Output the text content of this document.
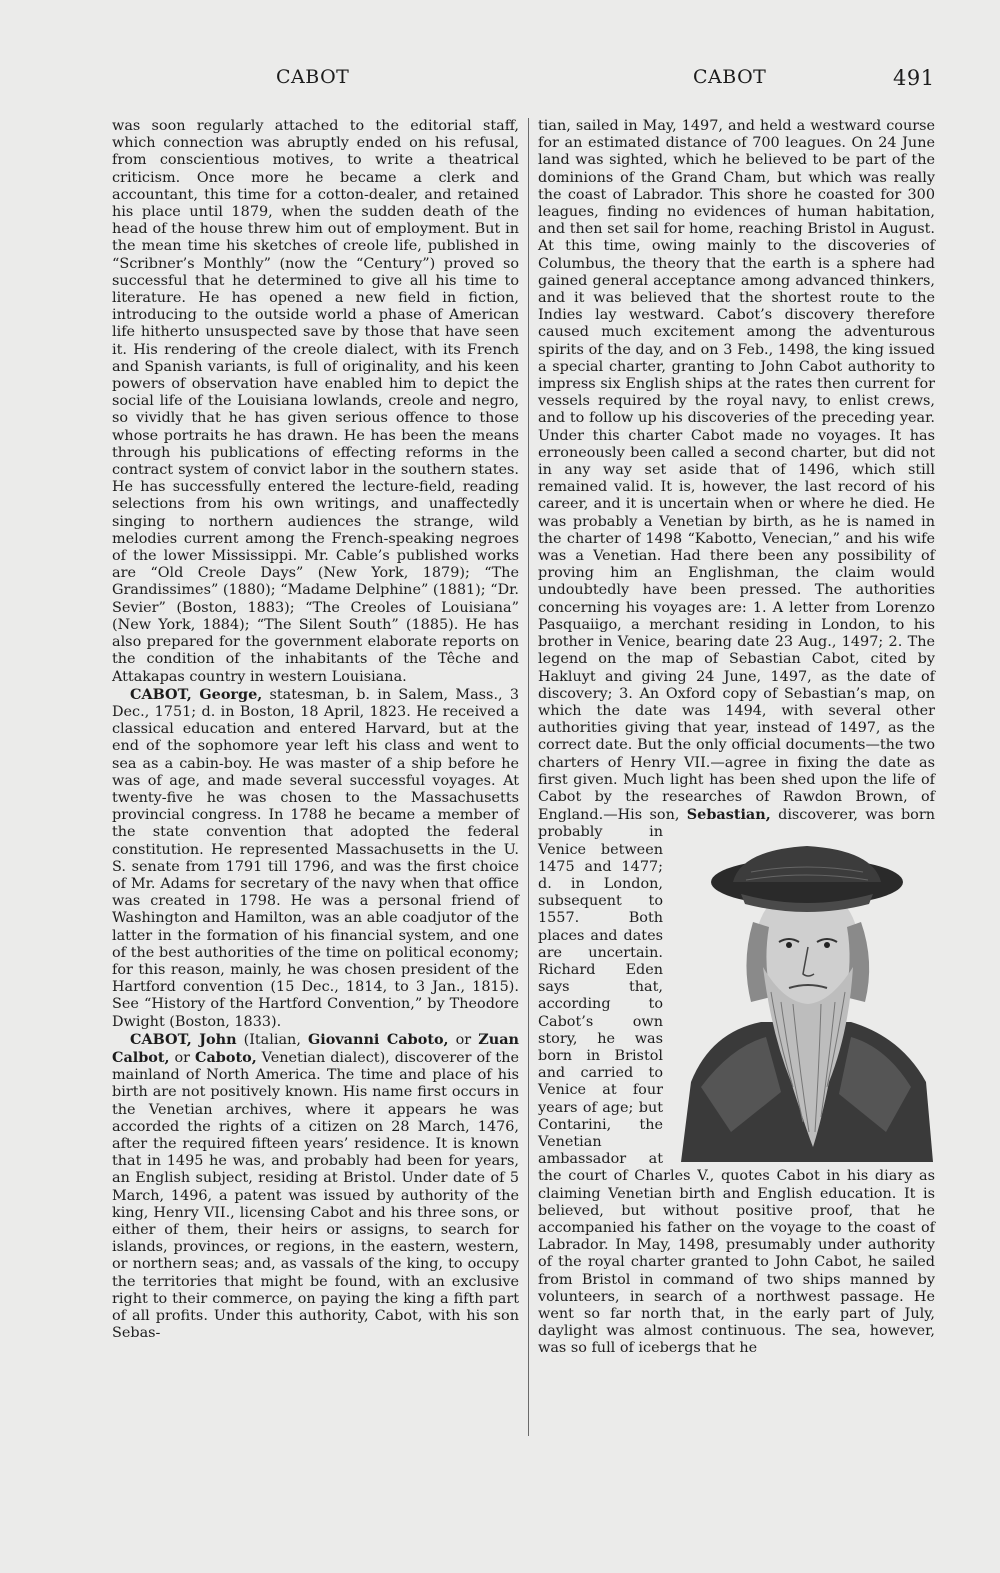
CABOT	CABOT	491

was soon regularly attached to the editorial staff, which connection was abruptly ended on his refusal, from conscientious motives, to write a theatrical criticism. Once more he became a clerk and accountant, this time for a cotton-dealer, and retained his place until 1879, when the sudden death of the head of the house threw him out of employment. But in the mean time his sketches of creole life, published in “Scribner’s Monthly” (now the “Century”) proved so successful that he determined to give all his time to literature. He has opened a new field in fiction, introducing to the outside world a phase of American life hitherto unsuspected save by those that have seen it. His rendering of the creole dialect, with its French and Spanish variants, is full of originality, and his keen powers of observation have enabled him to depict the social life of the Louisiana lowlands, creole and negro, so vividly that he has given serious offence to those whose portraits he has drawn. He has been the means through his publications of effecting reforms in the contract system of convict labor in the southern states. He has successfully entered the lecture-field, reading selections from his own writings, and unaffectedly singing to northern audiences the strange, wild melodies current among the French-speaking negroes of the lower Mississippi. Mr. Cable’s published works are “Old Creole Days” (New York, 1879); “The Grandissimes” (1880); “Madame Delphine” (1881); “Dr. Sevier” (Boston, 1883); “The Creoles of Louisiana” (New York, 1884); “The Silent South” (1885). He has also prepared for the government elaborate reports on the condition of the inhabitants of the Têche and Attakapas country in western Louisiana.

CABOT, George, statesman, b. in Salem, Mass., 3 Dec., 1751; d. in Boston, 18 April, 1823. He received a classical education and entered Harvard, but at the end of the sophomore year left his class and went to sea as a cabin-boy. He was master of a ship before he was of age, and made several successful voyages. At twenty-five he was chosen to the Massachusetts provincial congress. In 1788 he became a member of the state convention that adopted the federal constitution. He represented Massachusetts in the U. S. senate from 1791 till 1796, and was the first choice of Mr. Adams for secretary of the navy when that office was created in 1798. He was a personal friend of Washington and Hamilton, was an able coadjutor of the latter in the formation of his financial system, and one of the best authorities of the time on political economy; for this reason, mainly, he was chosen president of the Hartford convention (15 Dec., 1814, to 3 Jan., 1815). See “History of the Hartford Convention,” by Theodore Dwight (Boston, 1833).

CABOT, John (Italian, Giovanni Caboto, or Zuan Calbot, or Caboto, Venetian dialect), discoverer of the mainland of North America. The time and place of his birth are not positively known. His name first occurs in the Venetian archives, where it appears he was accorded the rights of a citizen on 28 March, 1476, after the required fifteen years’ residence. It is known that in 1495 he was, and probably had been for years, an English subject, residing at Bristol. Under date of 5 March, 1496, a patent was issued by authority of the king, Henry VII., licensing Cabot and his three sons, or either of them, their heirs or assigns, to search for islands, provinces, or regions, in the eastern, western, or northern seas; and, as vassals of the king, to occupy the territories that might be found, with an exclusive right to their commerce, on paying the king a fifth part of all profits. Under this authority, Cabot, with his son Sebas-

tian, sailed in May, 1497, and held a westward course for an estimated distance of 700 leagues. On 24 June land was sighted, which he believed to be part of the dominions of the Grand Cham, but which was really the coast of Labrador. This shore he coasted for 300 leagues, finding no evidences of human habitation, and then set sail for home, reaching Bristol in August. At this time, owing mainly to the discoveries of Columbus, the theory that the earth is a sphere had gained general acceptance among advanced thinkers, and it was believed that the shortest route to the Indies lay westward. Cabot’s discovery therefore caused much excitement among the adventurous spirits of the day, and on 3 Feb., 1498, the king issued a special charter, granting to John Cabot authority to impress six English ships at the rates then current for vessels required by the royal navy, to enlist crews, and to follow up his discoveries of the preceding year. Under this charter Cabot made no voyages. It has erroneously been called a second charter, but did not in any way set aside that of 1496, which still remained valid. It is, however, the last record of his career, and it is uncertain when or where he died. He was probably a Venetian by birth, as he is named in the charter of 1498 “Kabotto, Venecian,” and his wife was a Venetian. Had there been any possibility of proving him an Englishman, the claim would undoubtedly have been pressed. The authorities concerning his voyages are: 1. A letter from Lorenzo Pasquaiigo, a merchant residing in London, to his brother in Venice, bearing date 23 Aug., 1497; 2. The legend on the map of Sebastian Cabot, cited by Hakluyt and giving 24 June, 1497, as the date of discovery; 3. An Oxford copy of Sebastian’s map, on which the date was 1494, with several other authorities giving that year, instead of 1497, as the correct date. But the only official documents—the two charters of Henry VII.—agree in fixing the date as first given. Much light has been shed upon the life of Cabot by the researches of Rawdon Brown, of England.—His son, Sebastian,
discoverer, was born probably in Venice between 1475 and 1477; d. in London, subsequent to 1557. Both places and dates are uncertain. Richard Eden says that, according to Cabot’s own story, he was born in Bristol and carried to Venice at four years of age; but Contarini, the Venetian ambassador at the court of Charles V., quotes Cabot in his diary as claiming Venetian birth and English education. It is believed, but without positive proof, that he accompanied his father on the voyage to the coast of Labrador. In May, 1498, presumably under authority of the royal charter granted to John Cabot, he sailed from Bristol in command of two ships manned by volunteers, in search of a northwest passage. He went so far north that, in the early part of July, daylight was almost continuous. The sea, however, was so full of icebergs that he
